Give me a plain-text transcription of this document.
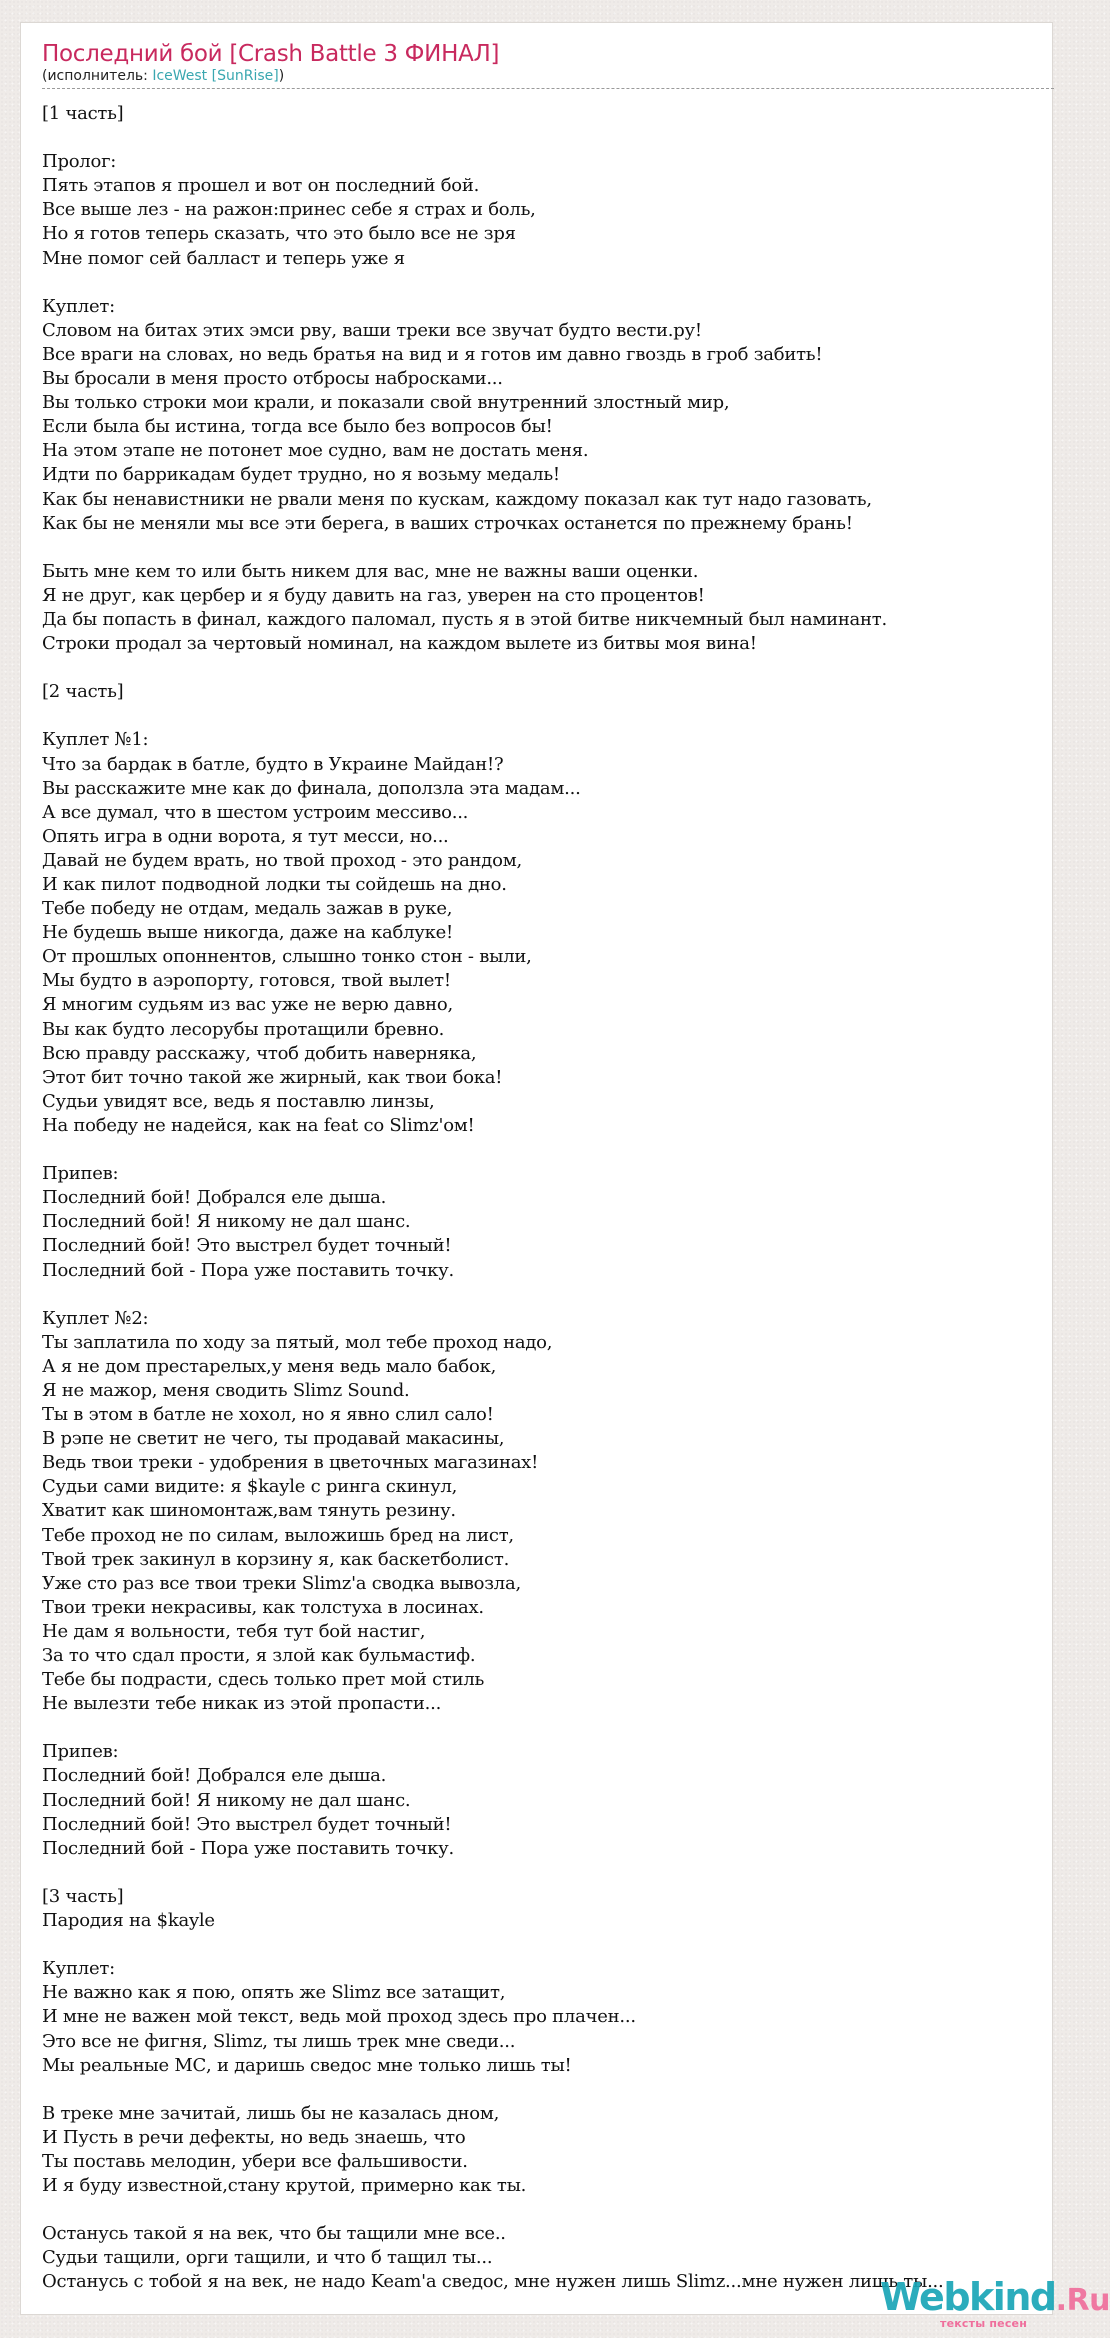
Последний бой [Crash Battle 3 ФИНАЛ]
(исполнитель: IceWest [SunRise])
[1 часть]
Пролог:
Пять этапов я прошел и вот он последний бой.
Все выше лез - на ражон:принес себе я страх и боль,
Но я готов теперь сказать, что это было все не зря
Мне помог сей балласт и теперь уже я
Куплет:
Словом на битах этих эмси рву, ваши треки все звучат будто вести.ру!
Все враги на словах, но ведь братья на вид и я готов им давно гвоздь в гроб забить!
Вы бросали в меня просто отбросы набросками...
Вы только строки мои крали, и показали свой внутренний злостный мир,
Если была бы истина, тогда все было без вопросов бы!
На этом этапе не потонет мое судно, вам не достать меня.
Идти по баррикадам будет трудно, но я возьму медаль!
Как бы ненавистники не рвали меня по кускам, каждому показал как тут надо газовать,
Как бы не меняли мы все эти берега, в ваших строчках останется по прежнему брань!
Быть мне кем то или быть никем для вас, мне не важны ваши оценки.
Я не друг, как цербер и я буду давить на газ, уверен на сто процентов!
Да бы попасть в финал, каждого паломал, пусть я в этой битве никчемный был наминант.
Строки продал за чертовый номинал, на каждом вылете из битвы моя вина!
[2 часть]
Куплет №1:
Что за бардак в батле, будто в Украине Майдан!?
Вы расскажите мне как до финала, доползла эта мадам...
А все думал, что в шестом устроим мессиво...
Опять игра в одни ворота, я тут месси, но...
Давай не будем врать, но твой проход - это рандом,
И как пилот подводной лодки ты сойдешь на дно.
Тебе победу не отдам, медаль зажав в руке,
Не будешь выше никогда, даже на каблуке!
От прошлых опоннентов, слышно тонко стон - выли,
Мы будто в аэропорту, готовся, твой вылет!
Я многим судьям из вас уже не верю давно,
Вы как будто лесорубы протащили бревно.
Всю правду расскажу, чтоб добить наверняка,
Этот бит точно такой же жирный, как твои бока!
Судьи увидят все, ведь я поставлю линзы,
На победу не надейся, как на feat со Slimz'ом!
Припев:
Последний бой! Добрался еле дыша.
Последний бой! Я никому не дал шанс.
Последний бой! Это выстрел будет точный!
Последний бой - Пора уже поставить точку.
Куплет №2:
Ты заплатила по ходу за пятый, мол тебе проход надо,
А я не дом престарелых,у меня ведь мало бабок,
Я не мажор, меня сводить Slimz Sound.
Ты в этом в батле не хохол, но я явно слил сало!
В рэпе не светит не чего, ты продавай макасины,
Ведь твои треки - удобрения в цветочных магазинах!
Судьи сами видите: я $kayle с ринга скинул,
Хватит как шиномонтаж,вам тянуть резину.
Тебе проход не по силам, выложишь бред на лист,
Твой трек закинул в корзину я, как баскетболист.
Уже сто раз все твои треки Slimz'a сводка вывозла,
Твои треки некрасивы, как толстуха в лосинах.
Не дам я вольности, тебя тут бой настиг,
За то что сдал прости, я злой как бульмастиф.
Тебе бы подрасти, сдесь только прет мой стиль
Не вылезти тебе никак из этой пропасти...
Припев:
Последний бой! Добрался еле дыша.
Последний бой! Я никому не дал шанс.
Последний бой! Это выстрел будет точный!
Последний бой - Пора уже поставить точку.
[3 часть]
Пародия на $kayle
Куплет:
Не важно как я пою, опять же Slimz все затащит,
И мне не важен мой текст, ведь мой проход здесь про плачен...
Это все не фигня, Slimz, ты лишь трек мне сведи...
Мы реальные МС, и даришь сведос мне только лишь ты!
В треке мне зачитай, лишь бы не казалась дном,
И Пусть в речи дефекты, но ведь знаешь, что
Ты поставь мелодин, убери все фальшивости.
И я буду известной,стану крутой, примерно как ты.
Останусь такой я на век, что бы тащили мне все..
Судьи тащили, орги тащили, и что б тащил ты...
Останусь с тобой я на век, не надо Keam'a сведос, мне нужен лишь Slimz...мне нужен лишь ты...
Webkind.Ru
тексты песен
